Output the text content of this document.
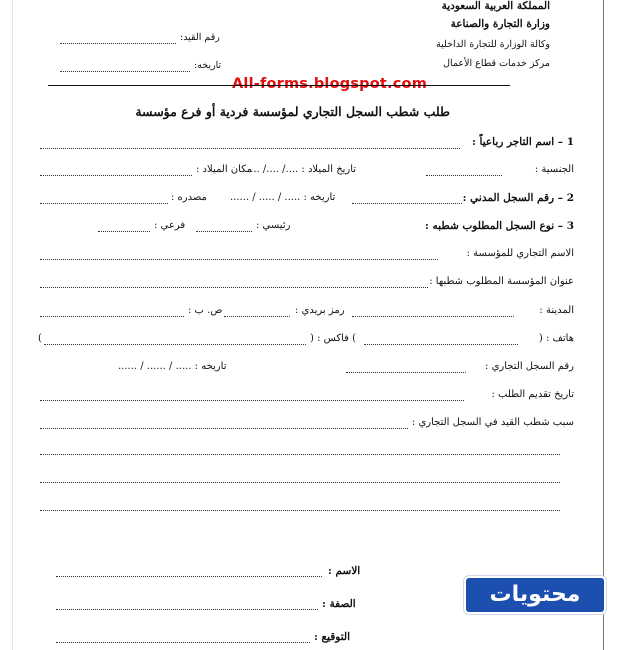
المملكة العربية السعودية
وزارة التجارة والصناعة
وكالة الوزارة للتجارة الداخلية
مركز خدمات قطاع الأعمال
رقم القيد:
تاريخه:
All-forms.blogspot.com
طلب شطب السجل التجاري لمؤسسة فردية أو فرع مؤسسة
1 – اسم التاجر رباعياً :
الجنسية :
تاريخ الميلاد : ..../ ..../ ....
مكان الميلاد :
2 – رقم السجل المدني :
تاريخه : ..... / ..... / ......
مصدره :
3 – نوع السجل المطلوب شطبه :
رئيسي :
فرعي :
الاسم التجاري للمؤسسة :
عنوان المؤسسة المطلوب شطبها :
المدينة :
رمز بريدي :
ص. ب :
هاتف : (
) فاكس : (
)
رقم السجل التجاري :
تاريخه : ..... / ...... / ......
تاريخ تقديم الطلب :
سبب شطب القيد في السجل التجاري :
الاسم :
الصفة :
التوقيع :
محتويات
